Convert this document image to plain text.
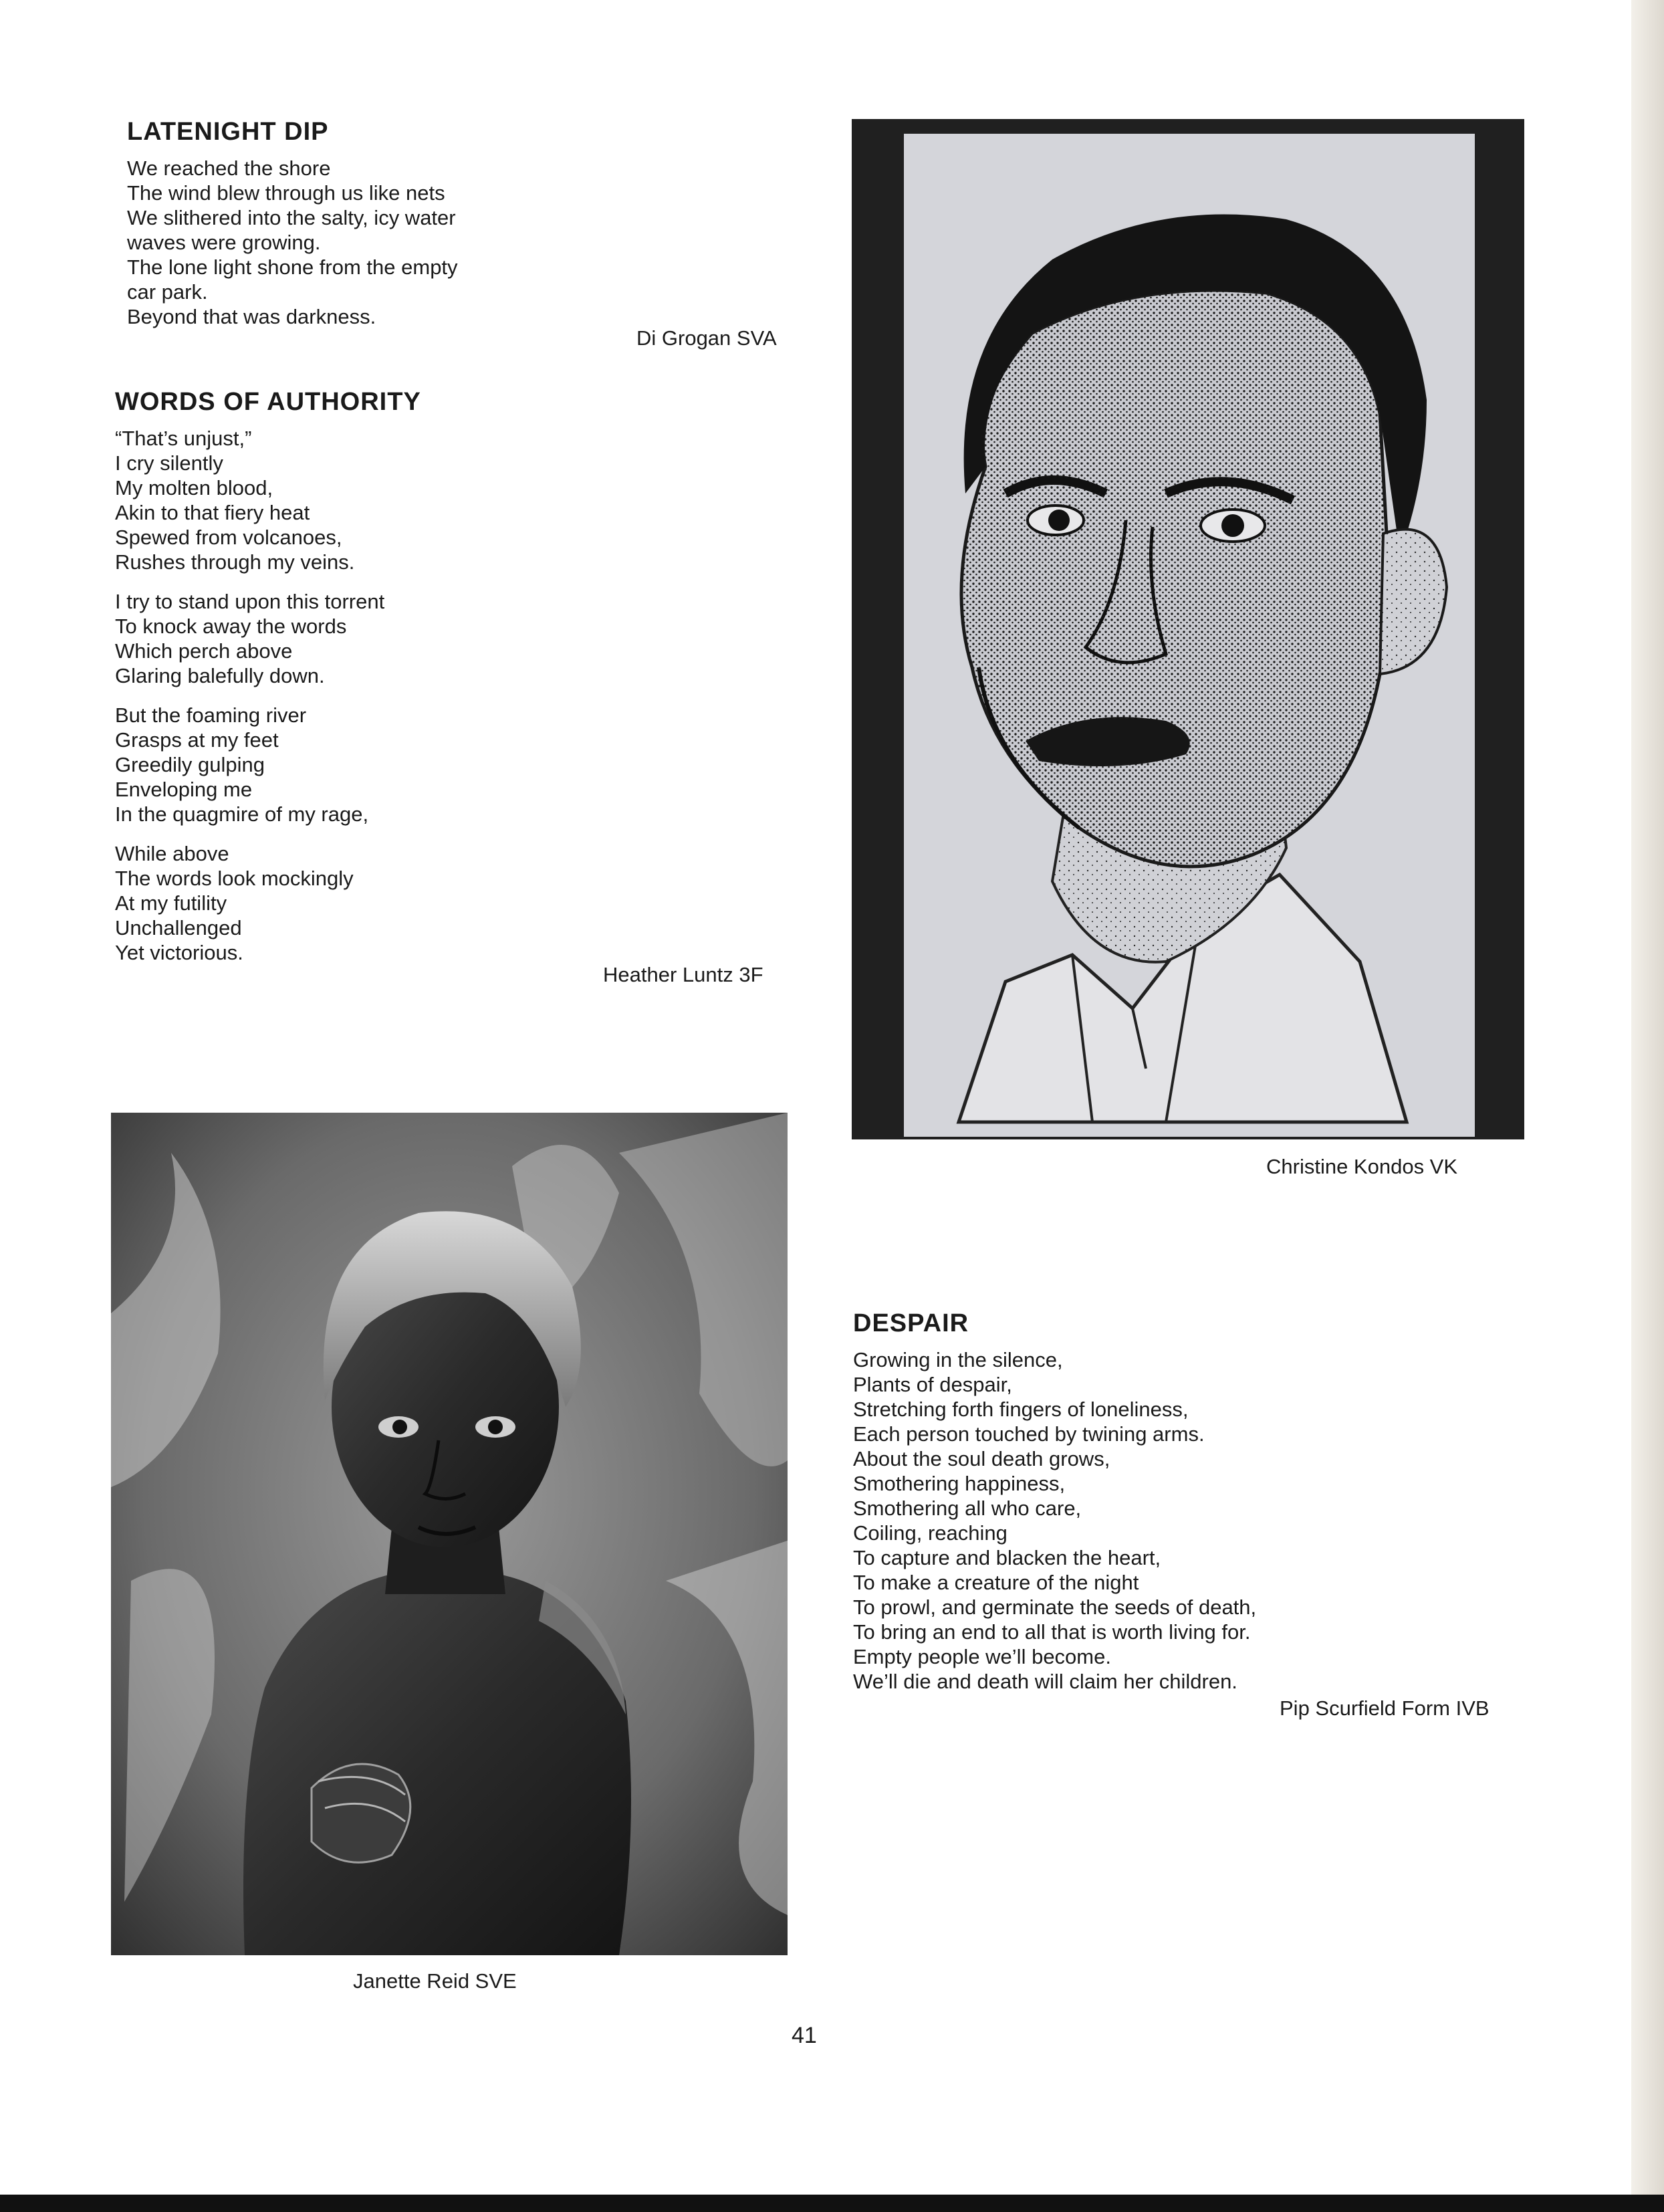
LATENIGHT DIP
We reached the shore
The wind blew through us like nets
We slithered into the salty, icy water
waves were growing.
The lone light shone from the empty
car park.
Beyond that was darkness.
Di Grogan SVA
WORDS OF AUTHORITY
“That’s unjust,”
I cry silently
My molten blood,
Akin to that fiery heat
Spewed from volcanoes,
Rushes through my veins.
I try to stand upon this torrent
To knock away the words
Which perch above
Glaring balefully down.
But the foaming river
Grasps at my feet
Greedily gulping
Enveloping me
In the quagmire of my rage,
While above
The words look mockingly
At my futility
Unchallenged
Yet victorious.
Heather Luntz 3F
Christine Kondos VK
Janette Reid SVE
DESPAIR
Growing in the silence,
Plants of despair,
Stretching forth fingers of loneliness,
Each person touched by twining arms.
About the soul death grows,
Smothering happiness,
Smothering all who care,
Coiling, reaching
To capture and blacken the heart,
To make a creature of the night
To prowl, and germinate the seeds of death,
To bring an end to all that is worth living for.
Empty people we’ll become.
We’ll die and death will claim her children.
Pip Scurfield Form IVB
41
